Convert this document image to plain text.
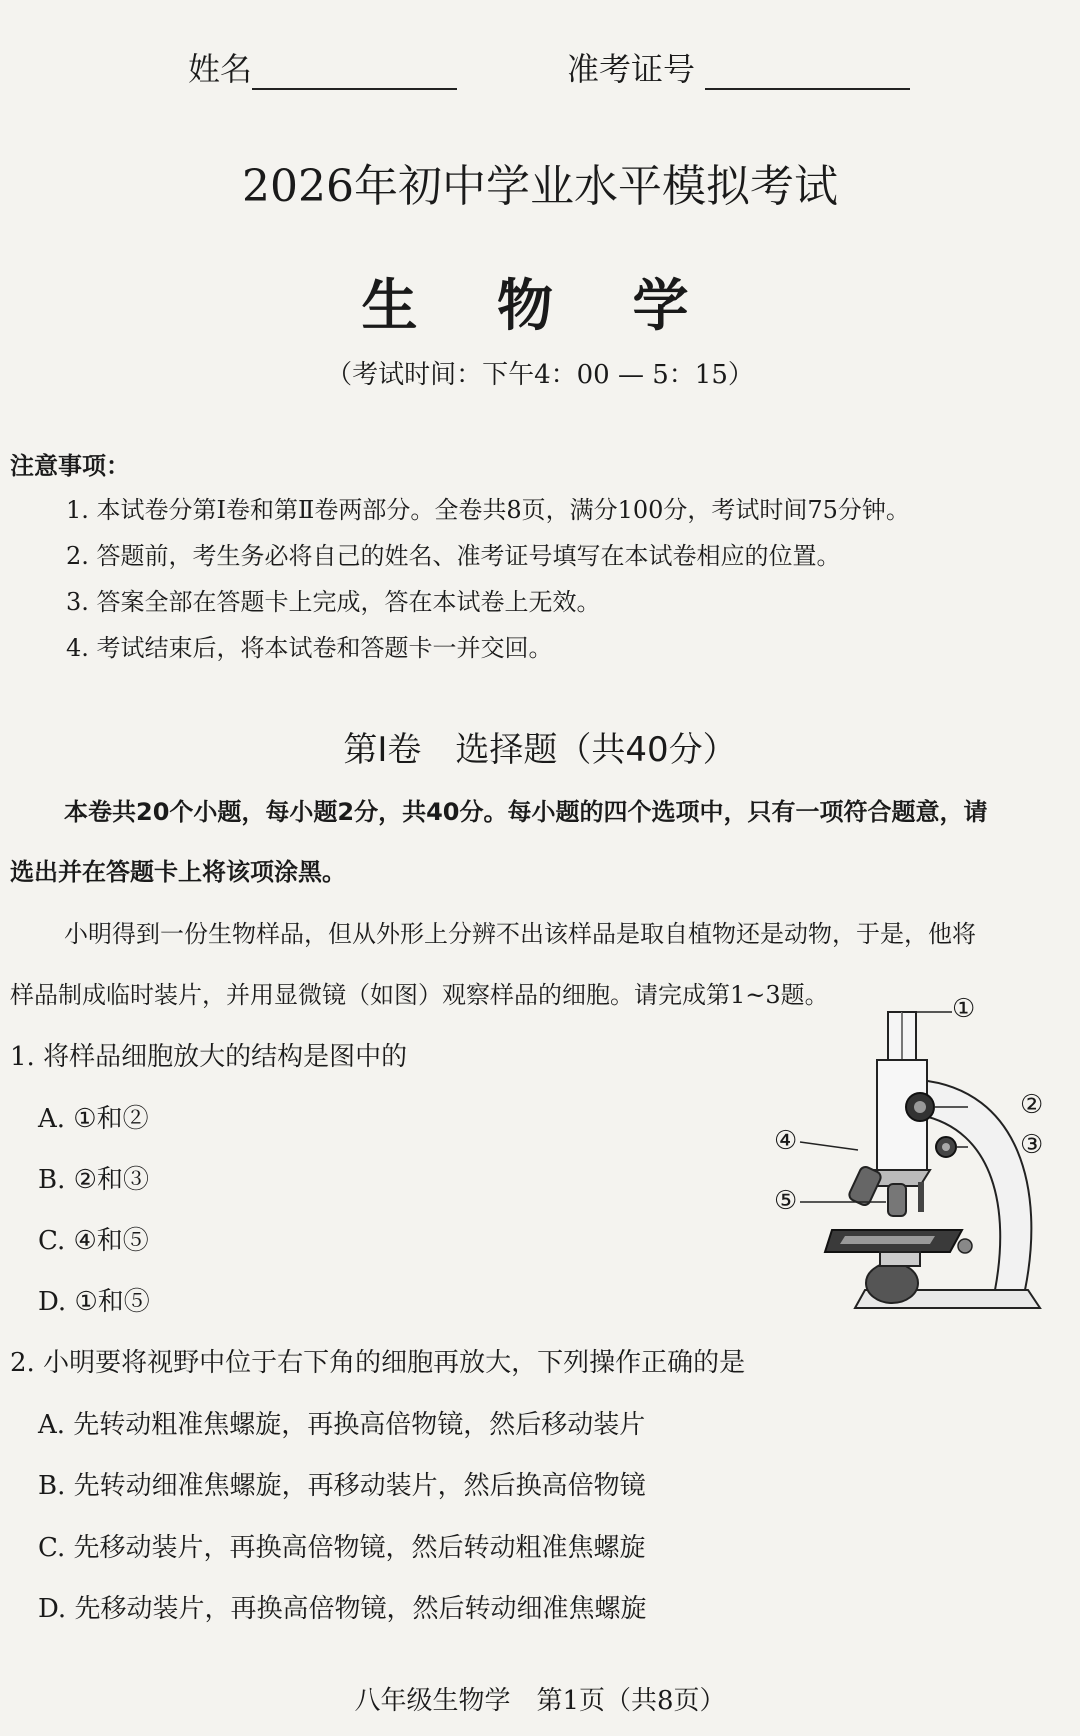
姓名	准考证号
2026年初中学业水平模拟考试
生 物 学
（考试时间：下午4：00 — 5：15）
注意事项：
1. 本试卷分第Ⅰ卷和第Ⅱ卷两部分。全卷共8页，满分100分，考试时间75分钟。
2. 答题前，考生务必将自己的姓名、准考证号填写在本试卷相应的位置。
3. 答案全部在答题卡上完成，答在本试卷上无效。
4. 考试结束后，将本试卷和答题卡一并交回。
第Ⅰ卷　选择题（共40分）
本卷共20个小题，每小题2分，共40分。每小题的四个选项中，只有一项符合题意，请
选出并在答题卡上将该项涂黑。
小明得到一份生物样品，但从外形上分辨不出该样品是取自植物还是动物，于是，他将
样品制成临时装片，并用显微镜（如图）观察样品的细胞。请完成第1~3题。
1. 将样品细胞放大的结构是图中的
A. ①和②
B. ②和③
C. ④和⑤
D. ①和⑤
2. 小明要将视野中位于右下角的细胞再放大，下列操作正确的是
A. 先转动粗准焦螺旋，再换高倍物镜，然后移动装片
B. 先转动细准焦螺旋，再移动装片，然后换高倍物镜
C. 先移动装片，再换高倍物镜，然后转动粗准焦螺旋
D. 先移动装片，再换高倍物镜，然后转动细准焦螺旋
①
②
③
④
⑤
八年级生物学　第1页（共8页）
